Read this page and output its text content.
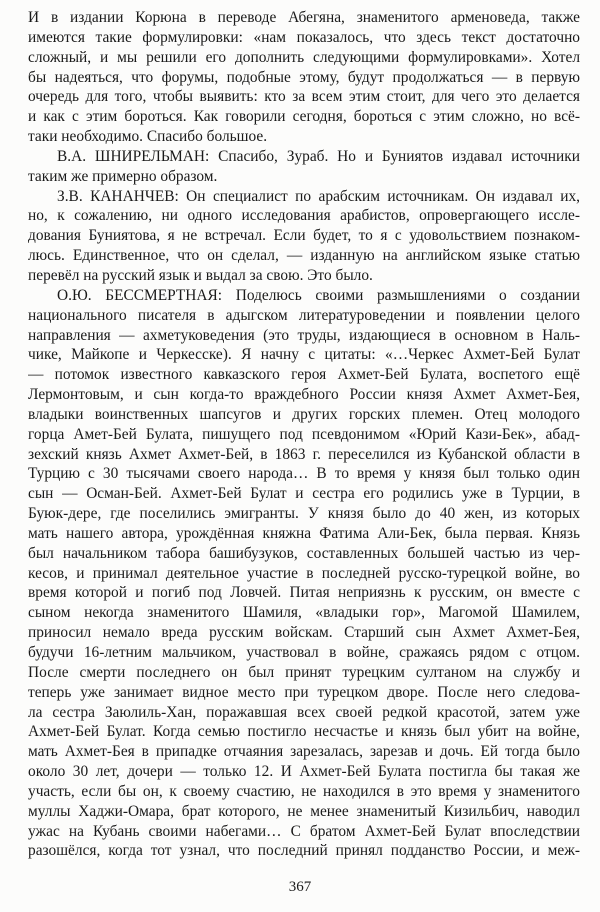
И в издании Корюна в переводе Абегяна, знаменитого арменоведа, также
имеются такие формулировки: «нам показалось, что здесь текст достаточно
сложный, и мы решили его дополнить следующими формулировками». Хотел
бы надеяться, что форумы, подобные этому, будут продолжаться — в первую
очередь для того, чтобы выявить: кто за всем этим стоит, для чего это делается
и как с этим бороться. Как говорили сегодня, бороться с этим сложно, но всё-
таки необходимо. Спасибо большое.
В.А. ШНИРЕЛЬМАН: Спасибо, Зураб. Но и Буниятов издавал источники
таким же примерно образом.
З.В. КАНАНЧЕВ: Он специалист по арабским источникам. Он издавал их,
но, к сожалению, ни одного исследования арабистов, опровергающего иссле-
дования Буниятова, я не встречал. Если будет, то я с удовольствием познаком-
люсь. Единственное, что он сделал, — изданную на английском языке статью
перевёл на русский язык и выдал за свою. Это было.
О.Ю. БЕССМЕРТНАЯ: Поделюсь своими размышлениями о создании
национального писателя в адыгском литературоведении и появлении целого
направления — ахметуковедения (это труды, издающиеся в основном в Наль-
чике, Майкопе и Черкесске). Я начну с цитаты: «…Черкес Ахмет-Бей Булат
— потомок известного кавказского героя Ахмет-Бей Булата, воспетого ещё
Лермонтовым, и сын когда-то враждебного России князя Ахмет Ахмет-Бея,
владыки воинственных шапсугов и других горских племен. Отец молодого
горца Амет-Бей Булата, пишущего под псевдонимом «Юрий Кази-Бек», абад-
зехский князь Ахмет Ахмет-Бей, в 1863 г. переселился из Кубанской области в
Турцию с 30 тысячами своего народа… В то время у князя был только один
сын — Осман-Бей. Ахмет-Бей Булат и сестра его родились уже в Турции, в
Буюк-дере, где поселились эмигранты. У князя было до 40 жен, из которых
мать нашего автора, урождённая княжна Фатима Али-Бек, была первая. Князь
был начальником табора башибузуков, составленных большей частью из чер-
кесов, и принимал деятельное участие в последней русско-турецкой войне, во
время которой и погиб под Ловчей. Питая неприязнь к русским, он вместе с
сыном некогда знаменитого Шамиля, «владыки гор», Магомой Шамилем,
приносил немало вреда русским войскам. Старший сын Ахмет Ахмет-Бея,
будучи 16-летним мальчиком, участвовал в войне, сражаясь рядом с отцом.
После смерти последнего он был принят турецким султаном на службу и
теперь уже занимает видное место при турецком дворе. После него следова-
ла сестра Заюлиль-Хан, поражавшая всех своей редкой красотой, затем уже
Ахмет-Бей Булат. Когда семью постигло несчастье и князь был убит на войне,
мать Ахмет-Бея в припадке отчаяния зарезалась, зарезав и дочь. Ей тогда было
около 30 лет, дочери — только 12. И Ахмет-Бей Булата постигла бы такая же
участь, если бы он, к своему счастию, не находился в это время у знаменитого
муллы Хаджи-Омара, брат которого, не менее знаменитый Кизильбич, наводил
ужас на Кубань своими набегами… С братом Ахмет-Бей Булат впоследствии
разошёлся, когда тот узнал, что последний принял подданство России, и меж-
367
